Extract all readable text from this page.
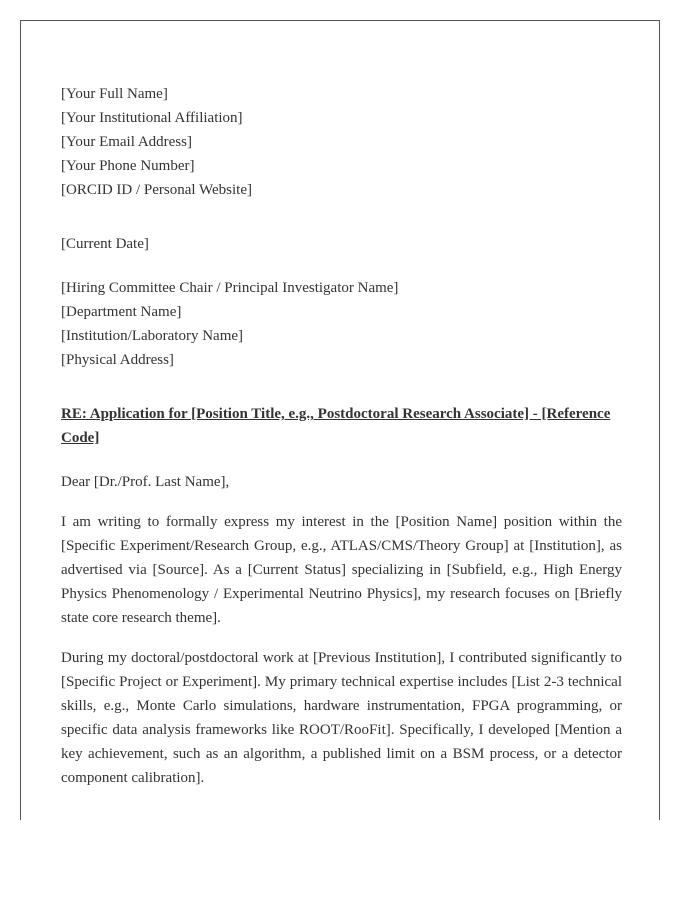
[Your Full Name]
[Your Institutional Affiliation]
[Your Email Address]
[Your Phone Number]
[ORCID ID / Personal Website]
[Current Date]
[Hiring Committee Chair / Principal Investigator Name]
[Department Name]
[Institution/Laboratory Name]
[Physical Address]
RE: Application for [Position Title, e.g., Postdoctoral Research Associate] - [Reference Code]
Dear [Dr./Prof. Last Name],

I am writing to formally express my interest in the [Position Name] position within the [Specific Experiment/Research Group, e.g., ATLAS/CMS/Theory Group] at [Institution], as advertised via [Source]. As a [Current Status] specializing in [Subfield, e.g., High Energy Physics Phenomenology / Experimental Neutrino Physics], my research focuses on [Briefly state core research theme].

During my doctoral/postdoctoral work at [Previous Institution], I contributed significantly to [Specific Project or Experiment]. My primary technical expertise includes [List 2-3 technical skills, e.g., Monte Carlo simulations, hardware instrumentation, FPGA programming, or specific data analysis frameworks like ROOT/RooFit]. Specifically, I developed [Mention a key achievement, such as an algorithm, a published limit on a BSM process, or a detector component calibration].
